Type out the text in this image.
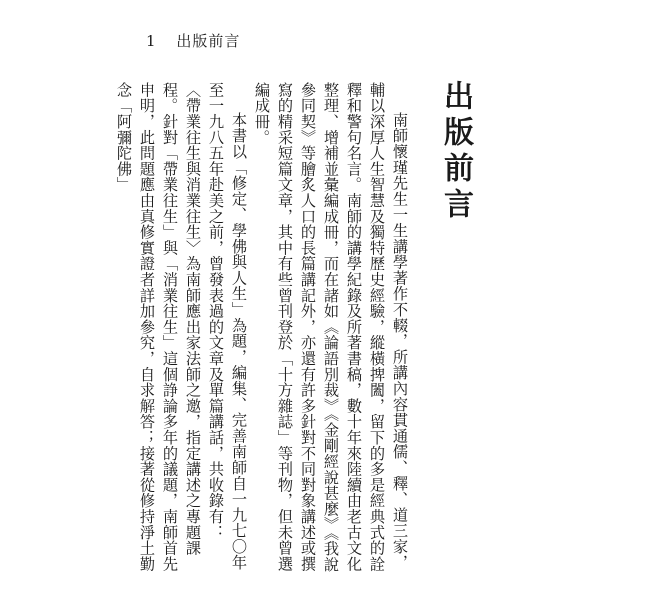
1 出版前言
出版前言

南師懷瑾先生一生講學著作不輟，所講內容貫通儒、釋、道三家，輔以深厚人生智慧及獨特歷史經驗，縱橫捭闔，留下的多是經典式的詮釋和警句名言。南師的講學紀錄及所著書稿，數十年來陸續由老古文化整理、增補並彙編成冊，而在諸如《論語別裁》《金剛經說甚麼》《我說參同契》等膾炙人口的長篇講記外，亦還有許多針對不同對象講述或撰寫的精采短篇文章，其中有些曾刊登於「十方雜誌」等刊物，但未曾選編成冊。

本書以「修定、學佛與人生」為題，編集、完善南師自一九七〇年至一九八五年赴美之前，曾發表過的文章及單篇講話，共收錄有：

〈帶業往生與消業往生〉為南師應出家法師之邀，指定講述之專題課程。針對「帶業往生」與「消業往生」這個諍論多年的議題，南師首先申明，此問題應由真修實證者詳加參究，自求解答；接著從修持淨土勤念「阿彌陀佛」
